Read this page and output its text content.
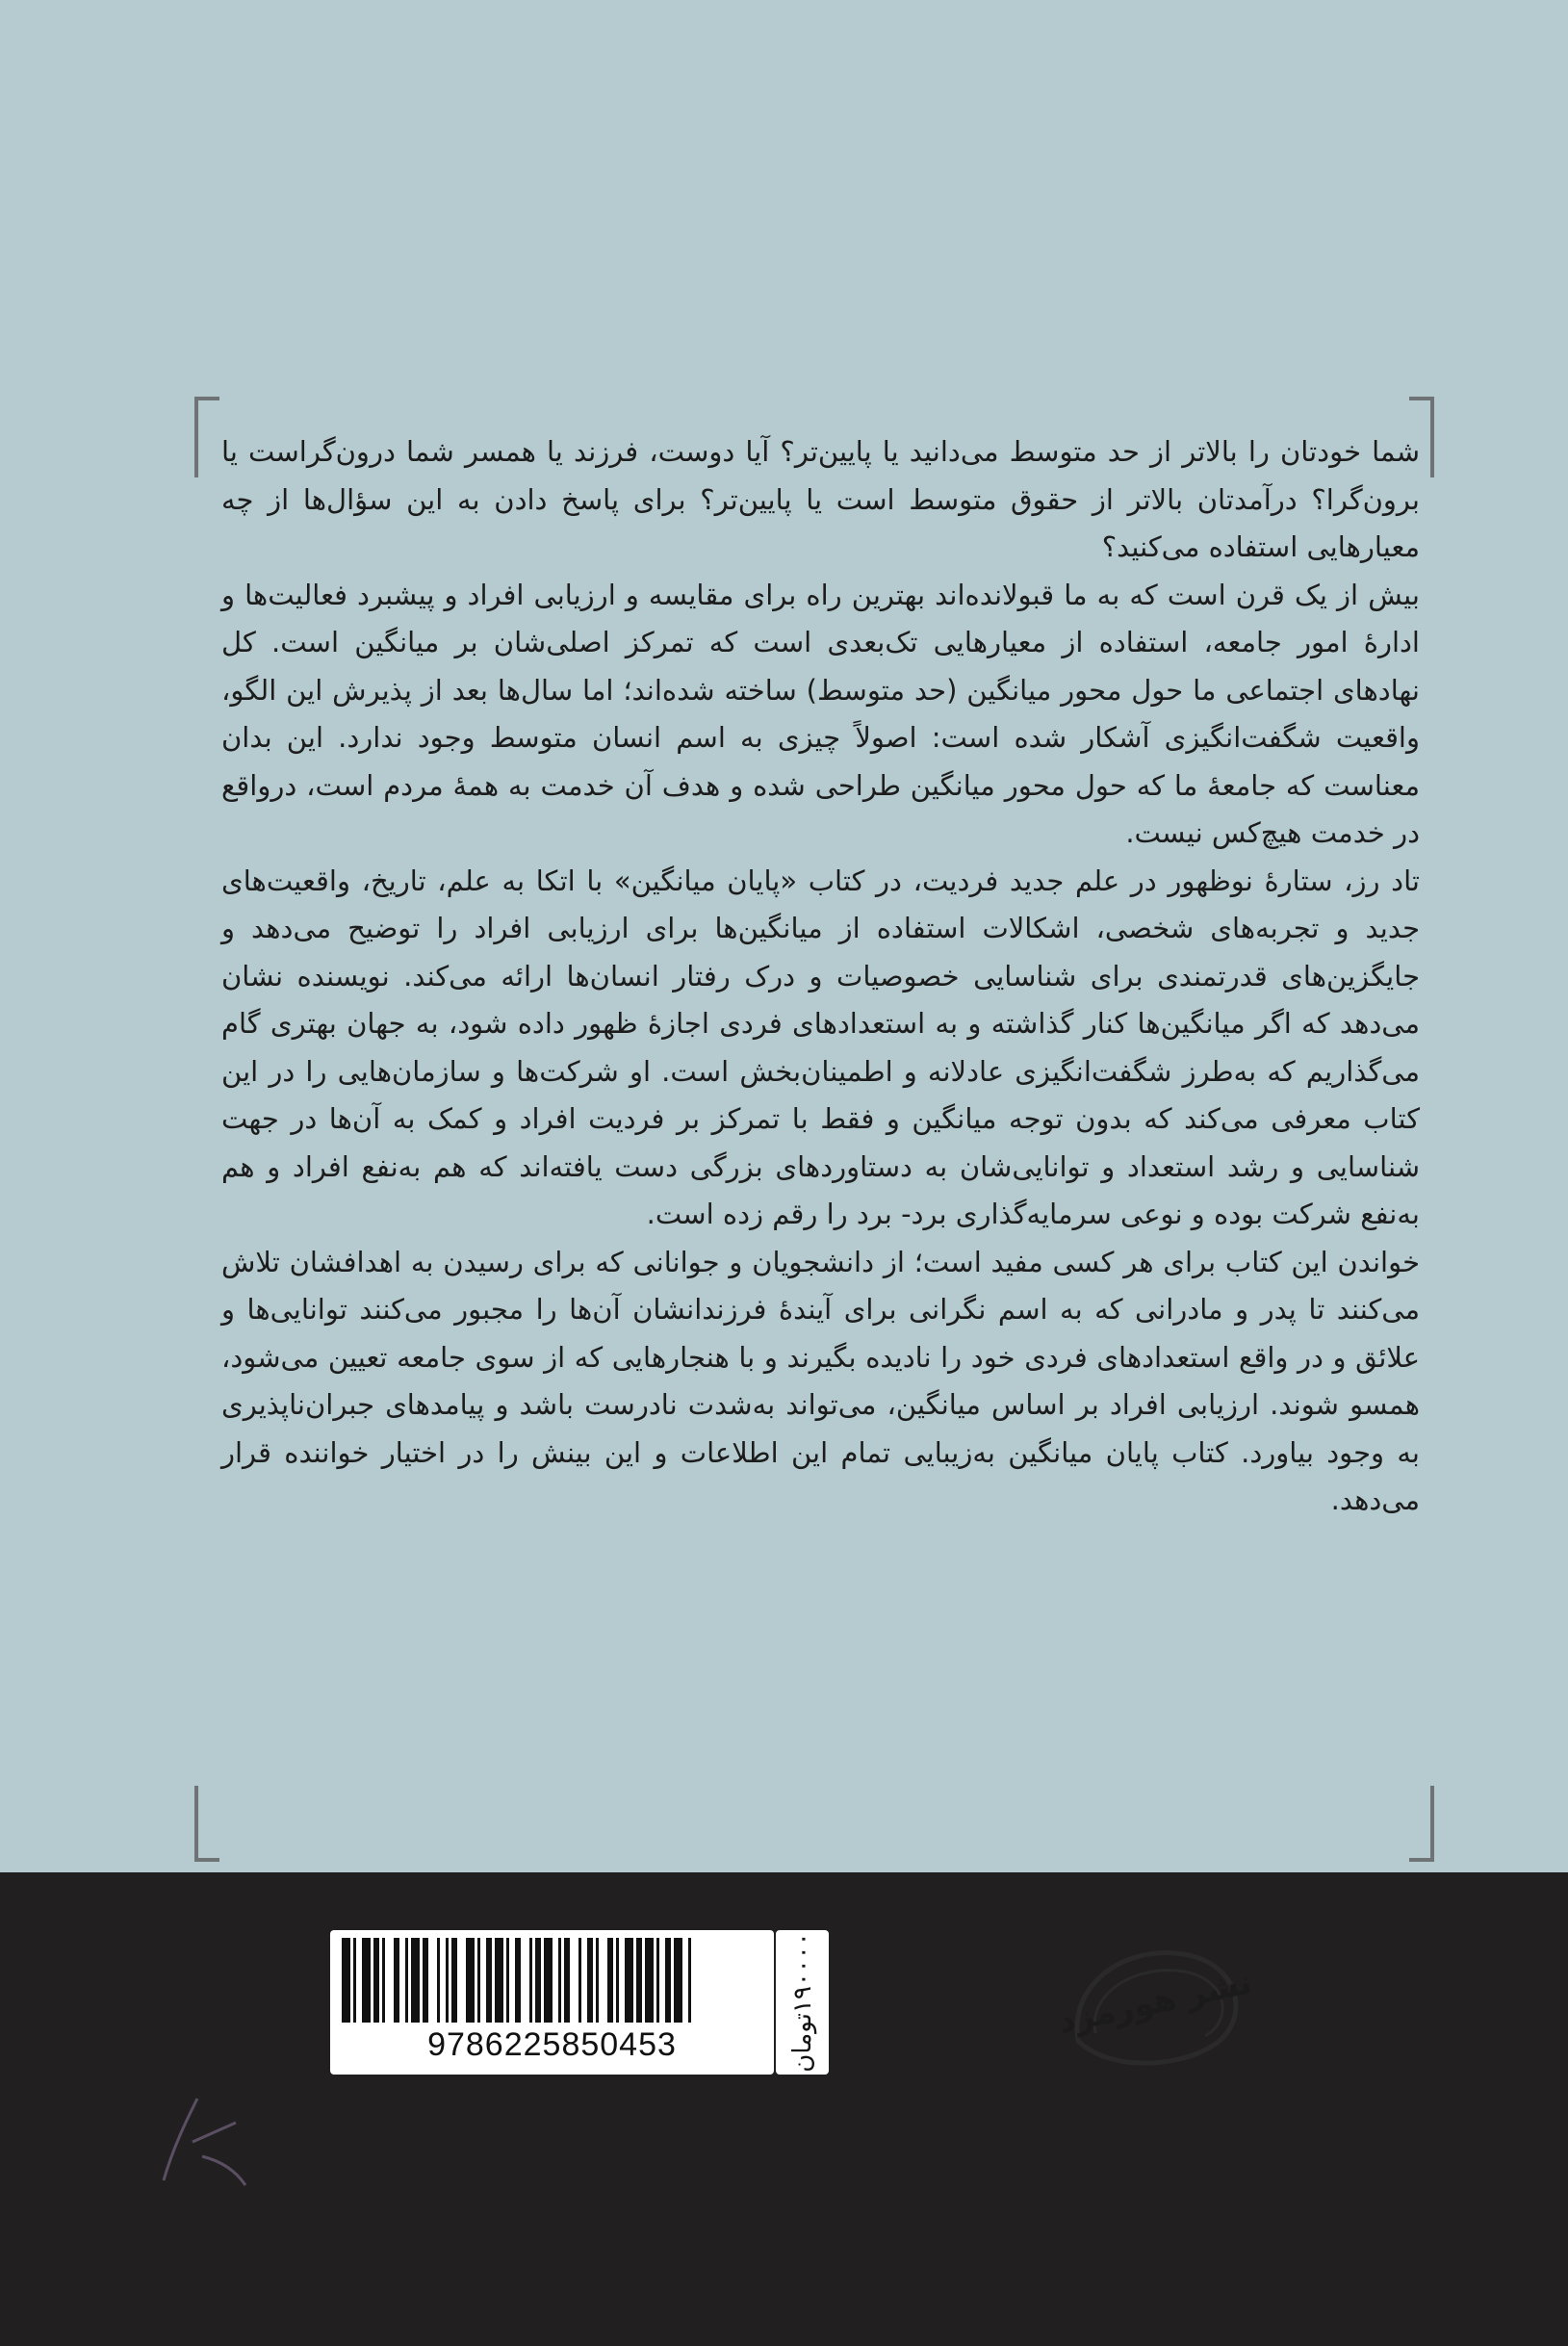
شما خودتان را بالاتر از حد متوسط می‌دانید یا پایین‌تر؟ آیا دوست، فرزند یا همسر شما درون‌گراست یا برون‌گرا؟ درآمدتان بالاتر از حقوق متوسط است یا پایین‌تر؟ برای پاسخ دادن به این سؤال‌ها از چه معیارهایی استفاده می‌کنید؟

بیش از یک قرن است که به ما قبولانده‌اند بهترین راه برای مقایسه و ارزیابی افراد و پیشبرد فعالیت‌ها و ادارهٔ امور جامعه، استفاده از معیارهایی تک‌بعدی است که تمرکز اصلی‌شان بر میانگین است. کل نهادهای اجتماعی ما حول محور میانگین (حد متوسط) ساخته شده‌اند؛ اما سال‌ها بعد از پذیرش این الگو، واقعیت شگفت‌انگیزی آشکار شده است: اصولاً چیزی به اسم انسان متوسط وجود ندارد. این بدان معناست که جامعهٔ ما که حول محور میانگین طراحی شده و هدف آن خدمت به همهٔ مردم است، درواقع در خدمت هیچ‌کس نیست.

تاد رز، ستارهٔ نوظهور در علم جدید فردیت، در کتاب «پایان میانگین» با اتکا به علم، تاریخ، واقعیت‌های جدید و تجربه‌های شخصی، اشکالات استفاده از میانگین‌ها برای ارزیابی افراد را توضیح می‌دهد و جایگزین‌های قدرتمندی برای شناسایی خصوصیات و درک رفتار انسان‌ها ارائه می‌کند. نویسنده نشان می‌دهد که اگر میانگین‌ها کنار گذاشته و به استعدادهای فردی اجازهٔ ظهور داده شود، به جهان بهتری گام می‌گذاریم که به‌طرز شگفت‌انگیزی عادلانه و اطمینان‌بخش است. او شرکت‌ها و سازمان‌هایی را در این کتاب معرفی می‌کند که بدون توجه میانگین و فقط با تمرکز بر فردیت افراد و کمک به آن‌ها در جهت شناسایی و رشد استعداد و توانایی‌شان به دستاوردهای بزرگی دست یافته‌اند که هم به‌نفع افراد و هم به‌نفع شرکت بوده و نوعی سرمایه‌گذاری برد- برد را رقم زده است.

خواندن این کتاب برای هر کسی مفید است؛ از دانشجویان و جوانانی که برای رسیدن به اهدافشان تلاش می‌کنند تا پدر و مادرانی که به اسم نگرانی برای آیندهٔ فرزندانشان آن‌ها را مجبور می‌کنند توانایی‌ها و علائق و در واقع استعدادهای فردی خود را نادیده بگیرند و با هنجارهایی که از سوی جامعه تعیین می‌شود، همسو شوند. ارزیابی افراد بر اساس میانگین، می‌تواند به‌شدت نادرست باشد و پیامدهای جبران‌ناپذیری به وجود بیاورد. کتاب پایان میانگین به‌زیبایی تمام این اطلاعات و این بینش را در اختیار خواننده قرار می‌دهد.

9786225850453	۱۹۰۰۰۰تومان	نشر هورمزد
